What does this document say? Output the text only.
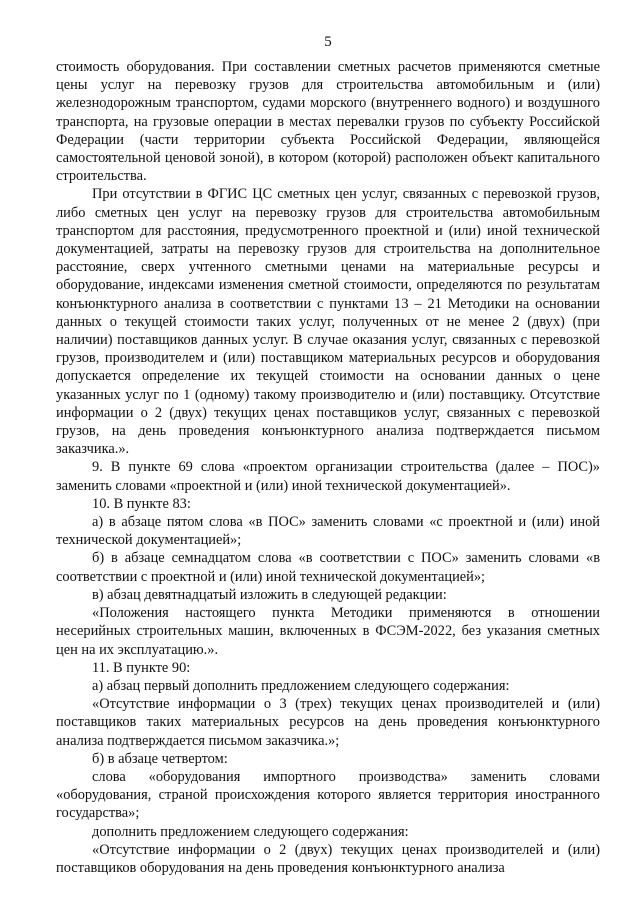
5

стоимость оборудования. При составлении сметных расчетов применяются сметные цены услуг на перевозку грузов для строительства автомобильным и (или) железнодорожным транспортом, судами морского (внутреннего водного) и воздушного транспорта, на грузовые операции в местах перевалки грузов по субъекту Российской Федерации (части территории субъекта Российской Федерации, являющейся самостоятельной ценовой зоной), в котором (которой) расположен объект капитального строительства.

При отсутствии в ФГИС ЦС сметных цен услуг, связанных с перевозкой грузов, либо сметных цен услуг на перевозку грузов для строительства автомобильным транспортом для расстояния, предусмотренного проектной и (или) иной технической документацией, затраты на перевозку грузов для строительства на дополнительное расстояние, сверх учтенного сметными ценами на материальные ресурсы и оборудование, индексами изменения сметной стоимости, определяются по результатам конъюнктурного анализа в соответствии с пунктами 13 – 21 Методики на основании данных о текущей стоимости таких услуг, полученных от не менее 2 (двух) (при наличии) поставщиков данных услуг. В случае оказания услуг, связанных с перевозкой грузов, производителем и (или) поставщиком материальных ресурсов и оборудования допускается определение их текущей стоимости на основании данных о цене указанных услуг по 1 (одному) такому производителю и (или) поставщику. Отсутствие информации о 2 (двух) текущих ценах поставщиков услуг, связанных с перевозкой грузов, на день проведения конъюнктурного анализа подтверждается письмом заказчика.».

9. В пункте 69 слова «проектом организации строительства (далее – ПОС)» заменить словами «проектной и (или) иной технической документацией».

10. В пункте 83:

а) в абзаце пятом слова «в ПОС» заменить словами «с проектной и (или) иной технической документацией»;

б) в абзаце семнадцатом слова «в соответствии с ПОС» заменить словами «в соответствии с проектной и (или) иной технической документацией»;

в) абзац девятнадцатый изложить в следующей редакции:

«Положения настоящего пункта Методики применяются в отношении несерийных строительных машин, включенных в ФСЭМ-2022, без указания сметных цен на их эксплуатацию.».

11. В пункте 90:

а) абзац первый дополнить предложением следующего содержания:

«Отсутствие информации о 3 (трех) текущих ценах производителей и (или) поставщиков таких материальных ресурсов на день проведения конъюнктурного анализа подтверждается письмом заказчика.»;

б) в абзаце четвертом:

слова «оборудования импортного производства» заменить словами «оборудования, страной происхождения которого является территория иностранного государства»;

дополнить предложением следующего содержания:

«Отсутствие информации о 2 (двух) текущих ценах производителей и (или) поставщиков оборудования на день проведения конъюнктурного анализа
